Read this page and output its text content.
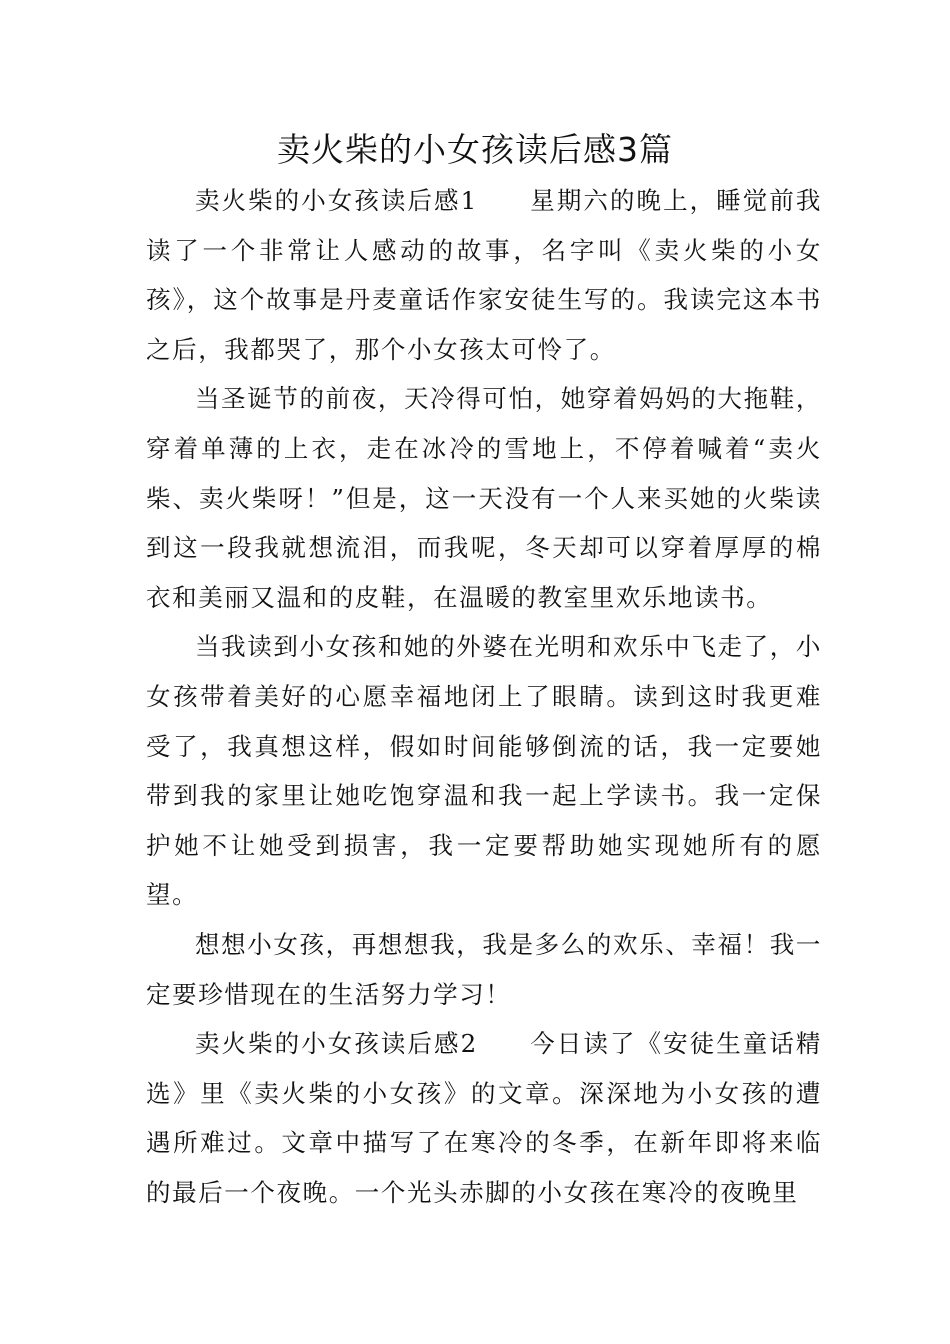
卖火柴的小女孩读后感3篇

卖火柴的小女孩读后感1 星期六的晚上，睡觉前我读了一个非常让人感动的故事，名字叫《卖火柴的小女孩》，这个故事是丹麦童话作家安徒生写的。我读完这本书之后，我都哭了，那个小女孩太可怜了。

当圣诞节的前夜，天冷得可怕，她穿着妈妈的大拖鞋，穿着单薄的上衣，走在冰冷的雪地上，不停着喊着“卖火柴、卖火柴呀！”但是，这一天没有一个人来买她的火柴读到这一段我就想流泪，而我呢，冬天却可以穿着厚厚的棉衣和美丽又温和的皮鞋，在温暖的教室里欢乐地读书。

当我读到小女孩和她的外婆在光明和欢乐中飞走了，小女孩带着美好的心愿幸福地闭上了眼睛。读到这时我更难受了，我真想这样，假如时间能够倒流的话，我一定要她带到我的家里让她吃饱穿温和我一起上学读书。我一定保护她不让她受到损害，我一定要帮助她实现她所有的愿望。

想想小女孩，再想想我，我是多么的欢乐、幸福！我一定要珍惜现在的生活努力学习！

卖火柴的小女孩读后感2 今日读了《安徒生童话精选》里《卖火柴的小女孩》的文章。深深地为小女孩的遭遇所难过。文章中描写了在寒冷的冬季，在新年即将来临的最后一个夜晚。一个光头赤脚的小女孩在寒冷的夜晚里
